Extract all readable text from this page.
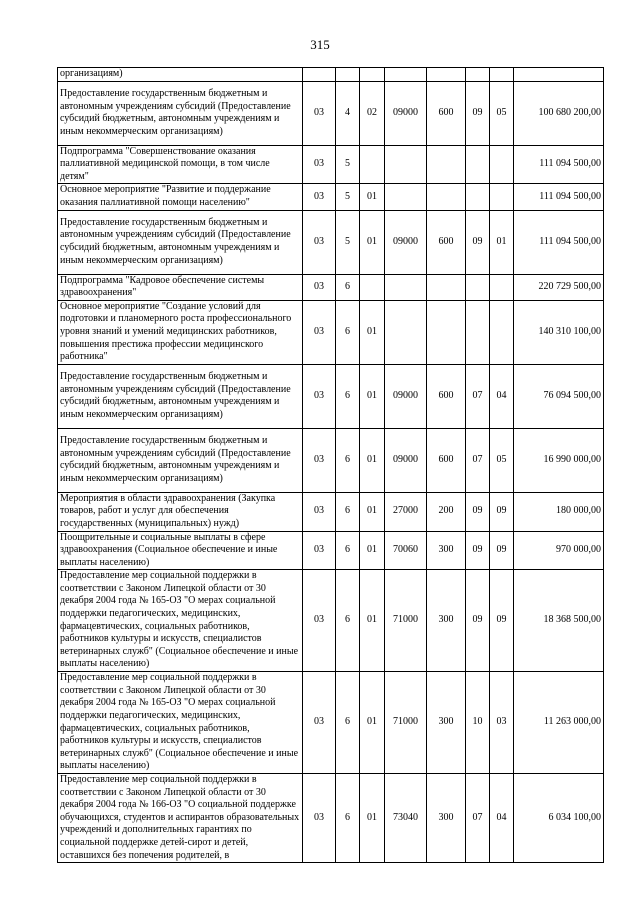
315
организациям)								
Предоставление государственным бюджетным и автономным учреждениям субсидий (Предоставление субсидий бюджетным, автономным учреждениям и иным некоммерческим организациям)	03	4	02	09000	600	09	05	100 680 200,00
Подпрограмма "Совершенствование оказания паллиативной медицинской помощи, в том числе детям"	03	5						111 094 500,00
Основное мероприятие "Развитие и поддержание оказания паллиативной помощи населению"	03	5	01					111 094 500,00
Предоставление государственным бюджетным и автономным учреждениям субсидий (Предоставление субсидий бюджетным, автономным учреждениям и иным некоммерческим организациям)	03	5	01	09000	600	09	01	111 094 500,00
Подпрограмма "Кадровое обеспечение системы здравоохранения"	03	6						220 729 500,00
Основное мероприятие "Создание условий для подготовки и планомерного роста профессионального уровня знаний и умений медицинских работников, повышения престижа профессии медицинского работника"	03	6	01					140 310 100,00
Предоставление государственным бюджетным и автономным учреждениям субсидий (Предоставление субсидий бюджетным, автономным учреждениям и иным некоммерческим организациям)	03	6	01	09000	600	07	04	76 094 500,00
Предоставление государственным бюджетным и автономным учреждениям субсидий (Предоставление субсидий бюджетным, автономным учреждениям и иным некоммерческим организациям)	03	6	01	09000	600	07	05	16 990 000,00
Мероприятия в области здравоохранения (Закупка товаров, работ и услуг для обеспечения государственных (муниципальных) нужд)	03	6	01	27000	200	09	09	180 000,00
Поощрительные и социальные выплаты в сфере здравоохранения (Социальное обеспечение и иные выплаты населению)	03	6	01	70060	300	09	09	970 000,00
Предоставление мер социальной поддержки в соответствии с Законом Липецкой области от 30 декабря 2004 года № 165-ОЗ "О мерах социальной поддержки педагогических, медицинских, фармацевтических, социальных работников, работников культуры и искусств, специалистов ветеринарных служб" (Социальное обеспечение и иные выплаты населению)	03	6	01	71000	300	09	09	18 368 500,00
Предоставление мер социальной поддержки в соответствии с Законом Липецкой области от 30 декабря 2004 года № 165-ОЗ "О мерах социальной поддержки педагогических, медицинских, фармацевтических, социальных работников, работников культуры и искусств, специалистов ветеринарных служб" (Социальное обеспечение и иные выплаты населению)	03	6	01	71000	300	10	03	11 263 000,00
Предоставление мер социальной поддержки в соответствии с Законом Липецкой области от 30 декабря 2004 года № 166-ОЗ "О социальной поддержке обучающихся, студентов и аспирантов образовательных учреждений и дополнительных гарантиях по социальной поддержке детей-сирот и детей, оставшихся без попечения родителей, в	03	6	01	73040	300	07	04	6 034 100,00
